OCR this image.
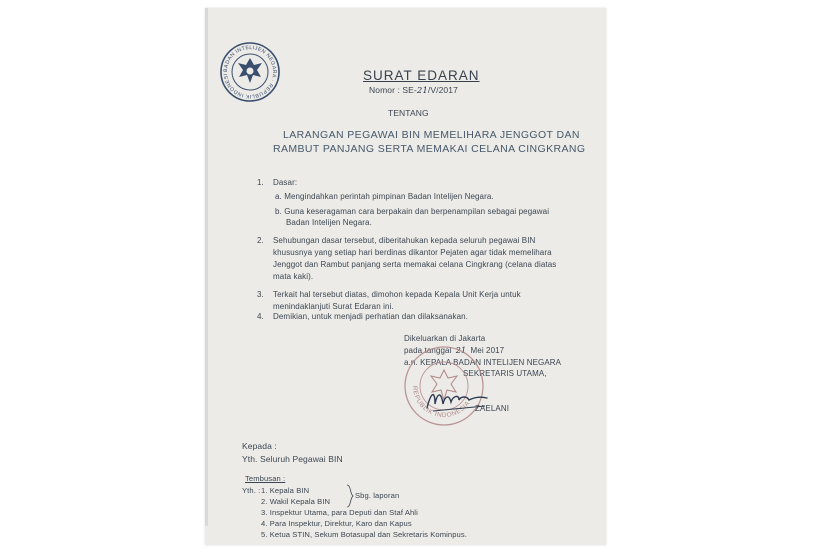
BADAN INTELIJEN NEGARA · REPUBLIK INDONESI	SURAT EDARAN
Nomor : SE-21/V/2017
TENTANG
LARANGAN PEGAWAI BIN MEMELIHARA JENGGOT DAN
RAMBUT PANJANG SERTA MEMAKAI CELANA CINGKRANG
1. Dasar:
a. Mengindahkan perintah pimpinan Badan Intelijen Negara.
b. Guna keseragaman cara berpakain dan berpenampilan sebagai pegawai
Badan Intelijen Negara.
2. Sehubungan dasar tersebut, diberitahukan kepada seluruh pegawai BIN
khususnya yang setiap hari berdinas dikantor Pejaten agar tidak memelihara
Jenggot dan Rambut panjang serta memakai celana Cingkrang (celana diatas
mata kaki).
3. Terkait hal tersebut diatas, dimohon kepada Kepala Unit Kerja untuk
menindaklanjuti Surat Edaran ini.
4. Demikian, untuk menjadi perhatian dan dilaksanakan.
Dikeluarkan di Jakarta
pada tanggal 21 Mei 2017
a.n. KEPALA BADAN INTELIJEN NEGARA
SEKRETARIS UTAMA,
REPUBLIK INDONESIA
ZAELANI
Kepada :
Yth. Seluruh Pegawai BIN
Tembusan :
Yth. : 1. Kepala BIN
2. Wakil Kepala BIN
3. Inspektur Utama, para Deputi dan Staf Ahli
4. Para Inspektur, Direktur, Karo dan Kapus
5. Ketua STIN, Sekum Botasupal dan Sekretaris Kominpus.
Sbg. laporan
